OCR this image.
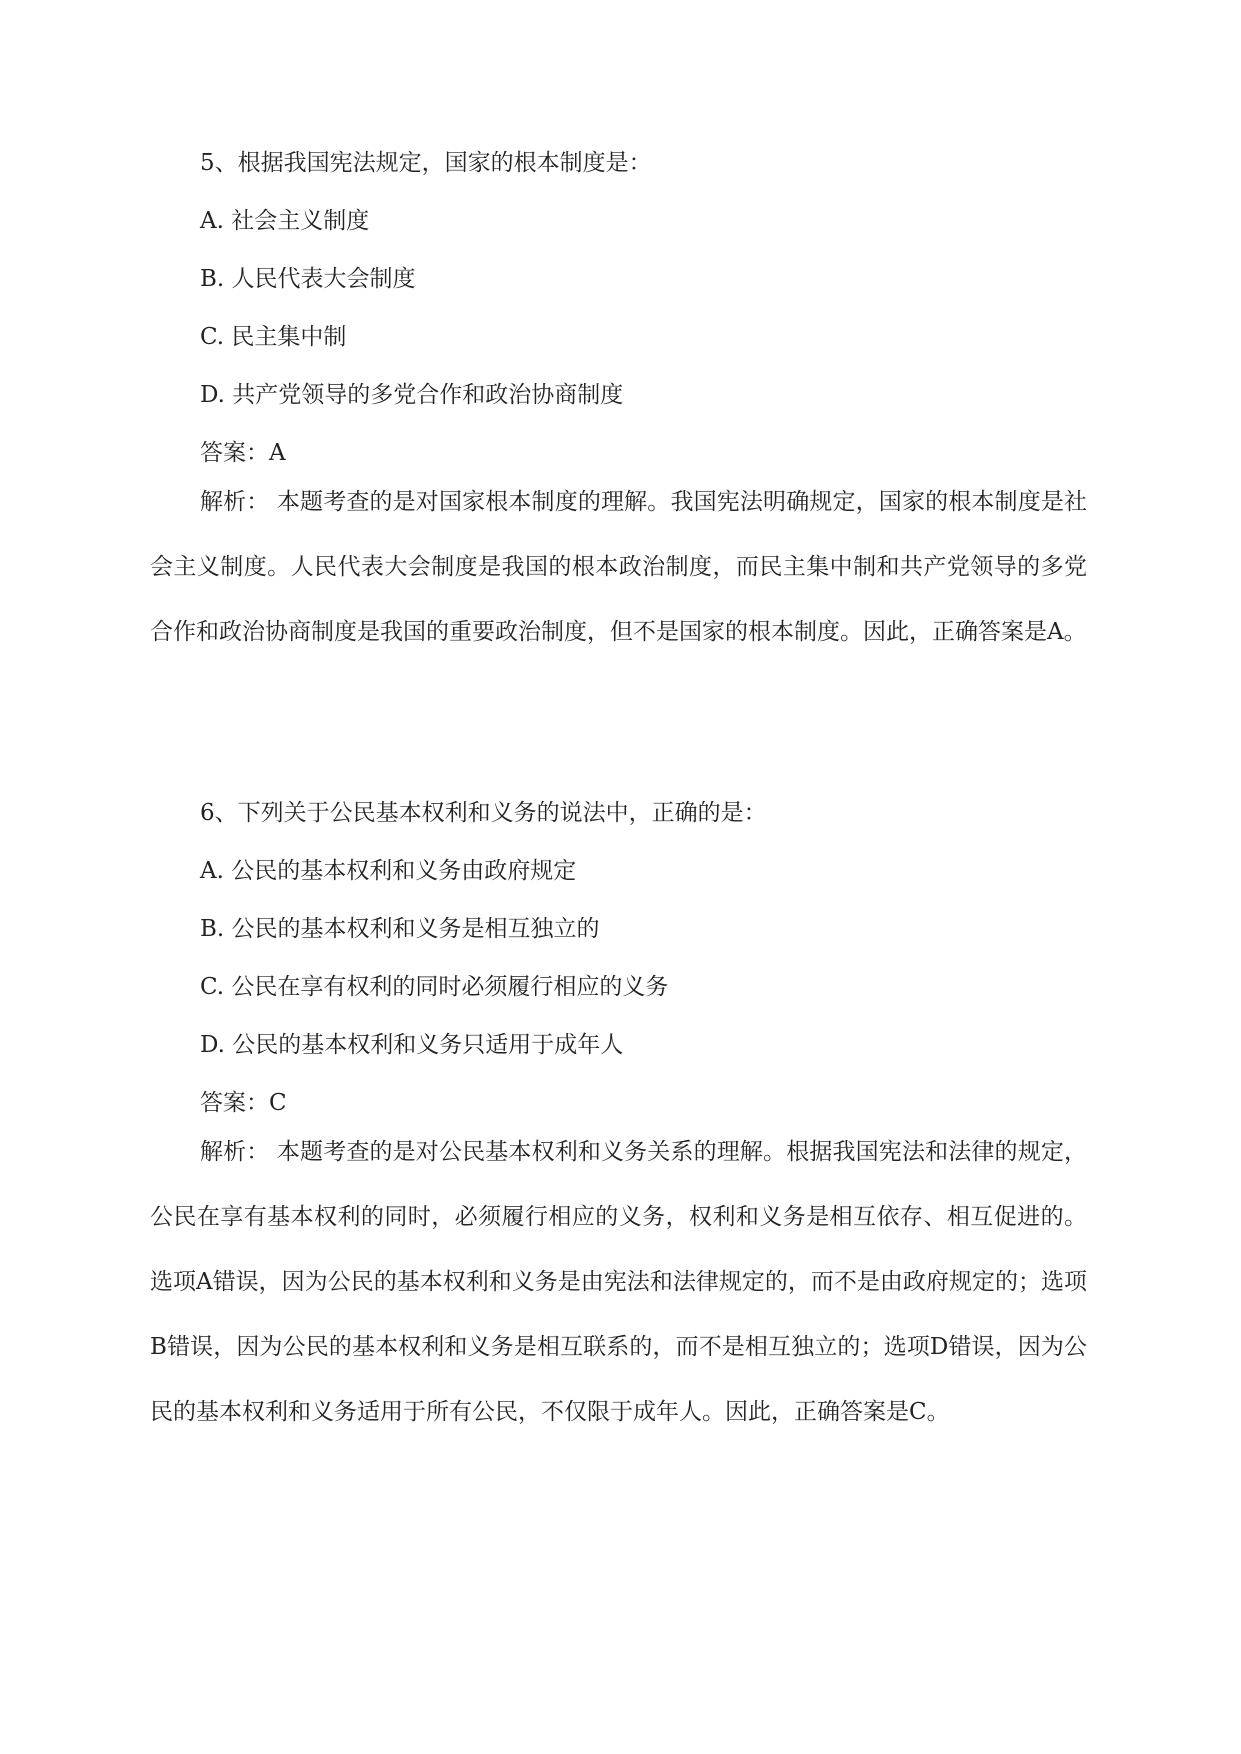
5、根据我国宪法规定，国家的根本制度是：
A. 社会主义制度
B. 人民代表大会制度
C. 民主集中制
D. 共产党领导的多党合作和政治协商制度
答案：A

解析： 本题考查的是对国家根本制度的理解。我国宪法明确规定，国家的根本制度是社会主义制度。人民代表大会制度是我国的根本政治制度，而民主集中制和共产党领导的多党合作和政治协商制度是我国的重要政治制度，但不是国家的根本制度。因此，正确答案是A。

6、下列关于公民基本权利和义务的说法中，正确的是：
A. 公民的基本权利和义务由政府规定
B. 公民的基本权利和义务是相互独立的
C. 公民在享有权利的同时必须履行相应的义务
D. 公民的基本权利和义务只适用于成年人
答案：C

解析： 本题考查的是对公民基本权利和义务关系的理解。根据我国宪法和法律的规定，公民在享有基本权利的同时，必须履行相应的义务，权利和义务是相互依存、相互促进的。选项A错误，因为公民的基本权利和义务是由宪法和法律规定的，而不是由政府规定的；选项B错误，因为公民的基本权利和义务是相互联系的，而不是相互独立的；选项D错误，因为公民的基本权利和义务适用于所有公民，不仅限于成年人。因此，正确答案是C。
